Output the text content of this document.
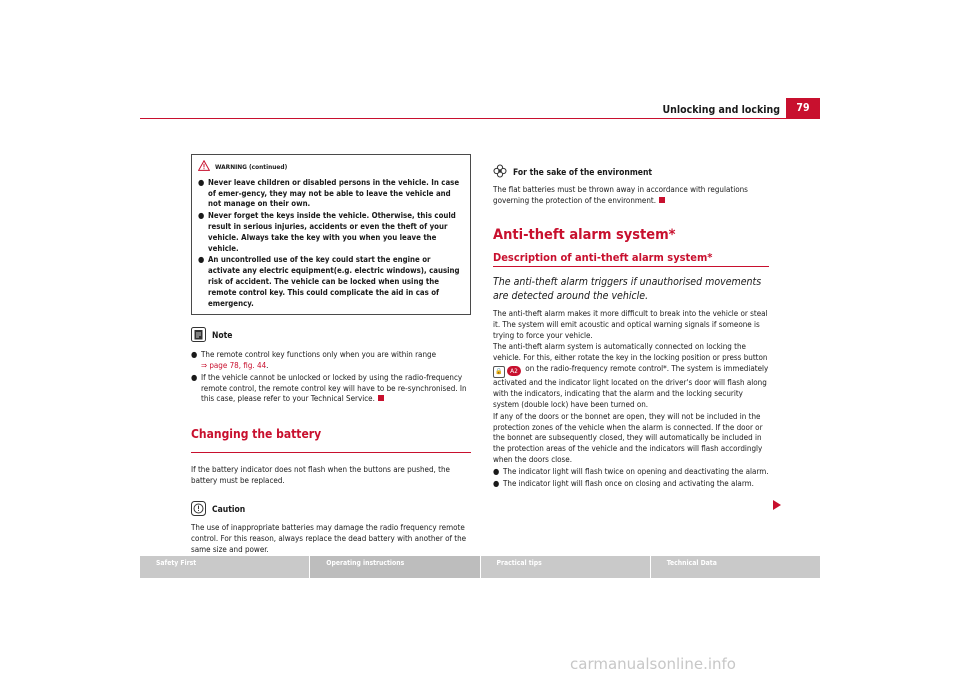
Unlocking and locking	79
WARNING (continued)

● Never leave children or disabled persons in the vehicle. In case of emer-gency, they may not be able to leave the vehicle and not manage on their own.

● Never forget the keys inside the vehicle. Otherwise, this could result in serious injuries, accidents or even the theft of your vehicle. Always take the key with you when you leave the vehicle.

● An uncontrolled use of the key could start the engine or activate any electric equipment(e.g. electric windows), causing risk of accident. The vehicle can be locked when using the remote control key. This could complicate the aid in cas of emergency.

Note

● The remote control key functions only when you are within range
⇒ page 78, fig. 44.

● If the vehicle cannot be unlocked or locked by using the radio-frequency remote control, the remote control key will have to be re-synchronised. In this case, please refer to your Technical Service.

Changing the battery

If the battery indicator does not flash when the buttons are pushed, the battery must be replaced.

Caution

The use of inappropriate batteries may damage the radio frequency remote control. For this reason, always replace the dead battery with another of the same size and power.

For the sake of the environment

The flat batteries must be thrown away in accordance with regulations governing the protection of the environment.

Anti-theft alarm system*
Description of anti-theft alarm system*

The anti-theft alarm triggers if unauthorised movements are detected around the vehicle.

The anti-theft alarm makes it more difficult to break into the vehicle or steal it. The system will emit acoustic and optical warning signals if someone is trying to force your vehicle.

The anti-theft alarm system is automatically connected on locking the vehicle. For this, either rotate the key in the locking position or press button
🔒 A2 on the radio-frequency remote control*. The system is immediately activated and the indicator light located on the driver's door will flash along with the indicators, indicating that the alarm and the locking security system (double lock) have been turned on.

If any of the doors or the bonnet are open, they will not be included in the protection zones of the vehicle when the alarm is connected. If the door or the bonnet are subsequently closed, they will automatically be included in the protection areas of the vehicle and the indicators will flash accordingly when the doors close.

● The indicator light will flash twice on opening and deactivating the alarm.

● The indicator light will flash once on closing and activating the alarm.

Safety First	Operating instructions	Practical tips	Technical Data
carmanualsonline.info
